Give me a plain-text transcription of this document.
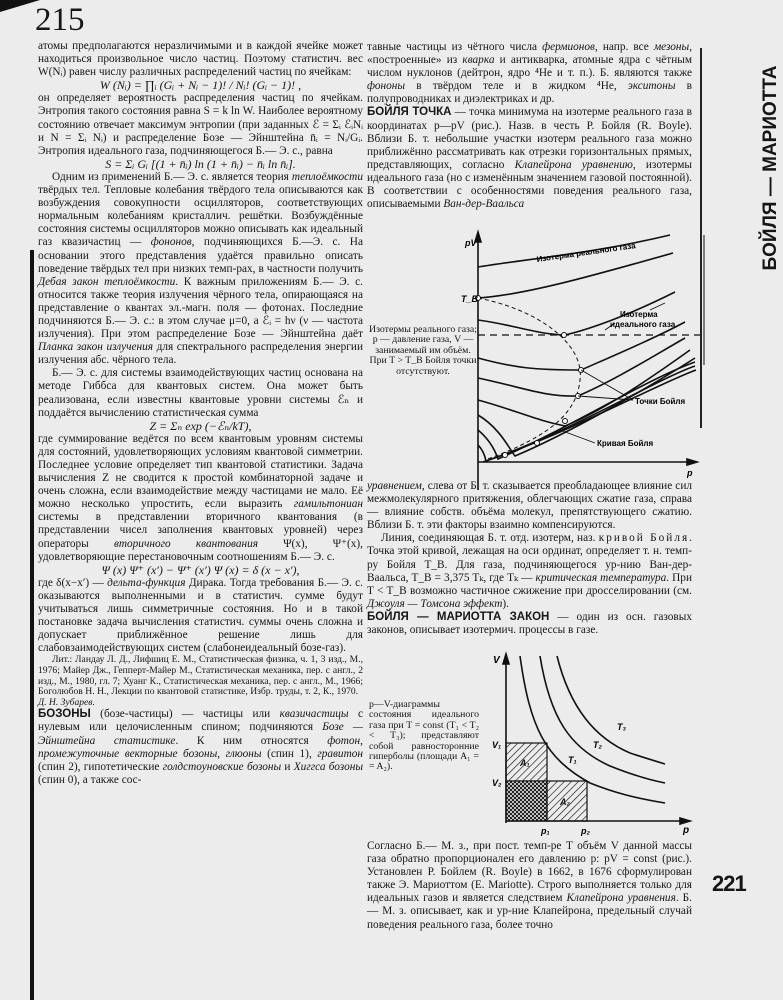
215
221
БОЙЛЯ — МАРИОТТА

атомы предполагаются неразличимыми и в каждой ячейке может находиться произвольное число частиц. Поэтому статистич. вес W(Nᵢ) равен числу различных распределений частиц по ячейкам:

W (Nᵢ) = ∏ᵢ (Gᵢ + Nᵢ − 1)! / Nᵢ! (Gᵢ − 1)! ,

он определяет вероятность распределения частиц по ячейкам. Энтропия такого состояния равна S = k ln W. Наиболее вероятному состоянию отвечает максимум энтропии (при заданных ℰ = Σᵢ ℰᵢNᵢ и N = Σᵢ Nᵢ) и распределение Бозе — Эйнштейна n̄ᵢ = Nᵢ/Gᵢ. Энтропия идеального газа, подчиняющегося Б.— Э. с., равна

S = Σᵢ Gᵢ [(1 + n̄ᵢ) ln (1 + n̄ᵢ) − n̄ᵢ ln n̄ᵢ].

Одним из применений Б.— Э. с. является теория теплоёмкости твёрдых тел. Тепловые колебания твёрдого тела описываются как возбуждения совокупности осцилляторов, соответствующих нормальным колебаниям кристаллич. решётки. Возбуждённые состояния системы осцилляторов можно описывать как идеальный газ квазичастиц — фононов, подчиняющихся Б.—Э. с. На основании этого представления удаётся правильно описать поведение твёрдых тел при низких темп-рах, в частности получить Дебая закон теплоёмкости. К важным приложениям Б.— Э. с. относится также теория излучения чёрного тела, опирающаяся на представление о квантах эл.-магн. поля — фотонах. Последние подчиняются Б.— Э. с.: в этом случае μ=0, а ℰᵢ = hν (ν — частота излучения). При этом распределение Бозе — Эйнштейна даёт Планка закон излучения для спектрального распределения энергии излучения абс. чёрного тела.

Б.— Э. с. для системы взаимодействующих частиц основана на методе Гиббса для квантовых систем. Она может быть реализована, если известны квантовые уровни системы ℰₙ и поддаётся вычислению статистическая сумма

Z = Σₙ exp (−ℰₙ/kT),

где суммирование ведётся по всем квантовым уровням системы для состояний, удовлетворяющих условиям квантовой симметрии. Последнее условие определяет тип квантовой статистики. Задача вычисления Z не сводится к простой комбинаторной задаче и очень сложна, если взаимодействие между частицами не мало. Её можно несколько упростить, если выразить гамильтониан системы в представлении вторичного квантования (в представлении чисел заполнения квантовых уровней) через операторы вторичного квантования Ψ(x), Ψ⁺(x), удовлетворяющие перестановочным соотношениям Б.— Э. с.

Ψ (x) Ψ⁺ (x′) − Ψ⁺ (x′) Ψ (x) = δ (x − x′),

где δ(x−x′) — дельта-функция Дирака. Тогда требования Б.— Э. с. оказываются выполненными и в статистич. сумме будут учитываться лишь симметричные состояния. Но и в такой постановке задача вычисления статистич. суммы очень сложна и допускает приближённое решение лишь для слабовзаимодействующих систем (слабонеидеальный бозе-газ).

Лит.: Ландау Л. Д., Лифшиц Е. М., Статистическая физика, ч. 1, 3 изд., М., 1976; Майер Дж., Гепперт-Майер М., Статистическая механика, пер. с англ., 2 изд., М., 1980, гл. 7; Хуанг К., Статистическая механика, пер. с англ., М., 1966; Боголюбов Н. Н., Лекции по квантовой статистике, Избр. труды, т. 2, К., 1970.   Д. Н. Зубарев.

БОЗОНЫ (бозе-частицы) — частицы или квазичастицы с нулевым или целочисленным спином; подчиняются Бозе — Эйнштейна статистике. К ним относятся фотон, промежуточные векторные бозоны, глюоны (спин 1), гравитон (спин 2), гипотетические голдстоуновские бозоны и Хиггса бозоны (спин 0), а также сос-

тавные частицы из чётного числа фермионов, напр. все мезоны, «построенные» из кварка и антикварка, атомные ядра с чётным числом нуклонов (дейтрон, ядро ⁴He и т. п.). Б. являются также фононы в твёрдом теле и в жидком ⁴He, экситоны в полупроводниках и диэлектриках и др.

БОЙЛЯ ТОЧКА — точка минимума на изотерме реального газа в координатах p—pV (рис.). Назв. в честь Р. Бойля (R. Boyle). Вблизи Б. т. небольшие участки изотерм реального газа можно приближённо рассматривать как отрезки горизонтальных прямых, представляющих, согласно Клапейрона уравнению, изотермы идеального газа (но с изменённым значением газовой постоянной). В соответствии с особенностями поведения реального газа, описываемыми Ван-дер-Ваальса

Изотермы реального газа; p — давление газа, V — занимаемый им объём. При T > T_B Бойля точки отсутствуют.
pV
p
T_B
Изотерма реального газа
Изотерма
идеального газа
Точки Бойля
Кривая Бойля

уравнением, слева от Б. т. сказывается преобладающее влияние сил межмолекулярного притяжения, облегчающих сжатие газа, справа — влияние собств. объёма молекул, препятствующего сжатию. Вблизи Б. т. эти факторы взаимно компенсируются.

Линия, соединяющая Б. т. отд. изотерм, наз. кривой Бойля. Точка этой кривой, лежащая на оси ординат, определяет т. н. темп-ру Бойля T_B. Для газа, подчиняющегося ур-нию Ван-дер-Ваальса, T_B = 3,375 Tₖ, где Tₖ — критическая температура. При T < T_B возможно частичное сжижение при дросселировании (см. Джоуля — Томсона эффект).

БОЙЛЯ — МАРИОТТА ЗАКОН — один из осн. газовых законов, описывает изотермич. процессы в газе.

p—V-диаграммы состояния идеального газа при T = const (T₁ < T₂ < T₃); представляют собой равносторонние гиперболы (площади A₁ = = A₂).
V
p
V₁
V₂
p₁	p₂
A₁
A₂
T₁
T₂
T₃

Согласно Б.— М. з., при пост. темп-ре T объём V данной массы газа обратно пропорционален его давлению p: pV = const (рис.). Установлен Р. Бойлем (R. Boyle) в 1662, в 1676 сформулирован также Э. Мариоттом (E. Mariotte). Строго выполняется только для идеальных газов и является следствием Клапейрона уравнения. Б.— М. з. описывает, как и ур-ние Клапейрона, предельный случай поведения реального газа, более точно
